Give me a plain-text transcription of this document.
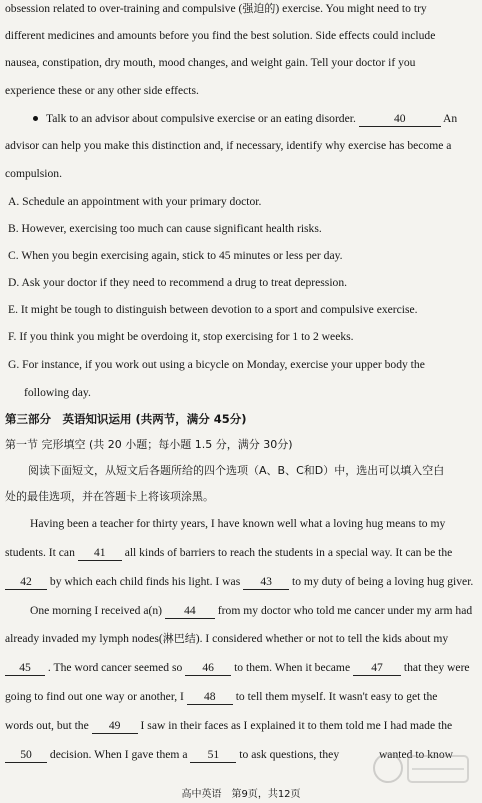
obsession related to over-training and compulsive (强迫的) exercise. You might need to try
different medicines and amounts before you find the best solution. Side effects could include
nausea, constipation, dry mouth, mood changes, and weight gain. Tell your doctor if you
experience these or any other side effects.
Talk to an advisor about compulsive exercise or an eating disorder.	40	An
advisor can help you make this distinction and, if necessary, identify why exercise has become a
compulsion.
A. Schedule an appointment with your primary doctor.
B. However, exercising too much can cause significant health risks.
C. When you begin exercising again, stick to 45 minutes or less per day.
D. Ask your doctor if they need to recommend a drug to treat depression.
E. It might be tough to distinguish between devotion to a sport and compulsive exercise.
F. If you think you might be overdoing it, stop exercising for 1 to 2 weeks.
G. For instance, if you work out using a bicycle on Monday, exercise your upper body the
following day.
第三部分　英语知识运用 (共两节，满分 45分)
第一节 完形填空 (共 20 小题；每小题 1.5 分，满分 30分)
阅读下面短文，从短文后各题所给的四个选项（A、B、C和D）中，选出可以填入空白
处的最佳选项，并在答题卡上将该项涂黑。
Having been a teacher for thirty years, I have known well what a loving hug means to my
students. It can 41 all kinds of barriers to reach the students in a special way. It can be the
42 by which each child finds his light. I was 43 to my duty of being a loving hug giver.
One morning I received a(n) 44 from my doctor who told me cancer under my arm had
already invaded my lymph nodes(淋巴结). I considered whether or not to tell the kids about my
45 . The word cancer seemed so 46 to them. When it became 47 that they were
going to find out one way or another, I 48 to tell them myself. It wasn't easy to get the
words out, but the 49 I saw in their faces as I explained it to them told me I had made the
50 decision. When I gave them a 51 to ask questions, they	wanted to know
高中英语　第9页，共12页
